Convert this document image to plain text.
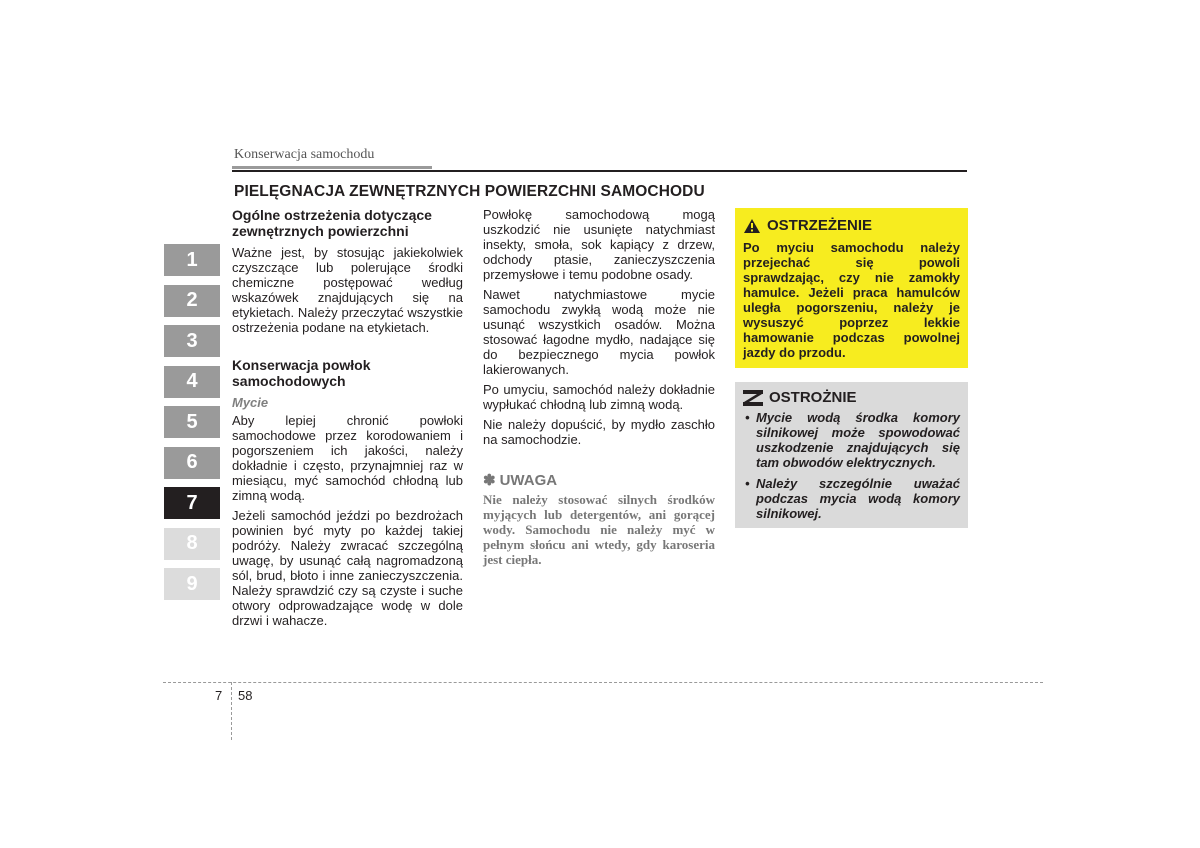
Konserwacja samochodu
PIELĘGNACJA ZEWNĘTRZNYCH POWIERZCHNI SAMOCHODU
1
2
3
4
5
6
7
8
9
Ogólne ostrzeżenia dotyczące zewnętrznych powierzchni

Ważne jest, by stosując jakiekolwiek czyszczące lub polerujące środki chemiczne postępować według wskazówek znajdujących się na etykietach. Należy przeczytać wszystkie ostrzeżenia podane na etykietach.

Konserwacja powłok samochodowych
Mycie

Aby lepiej chronić powłoki samochodowe przez korodowaniem i pogorszeniem ich jakości, należy dokładnie i często, przynajmniej raz w miesiącu, myć samochód chłodną lub zimną wodą.

Jeżeli samochód jeździ po bezdrożach powinien być myty po każdej takiej podróży. Należy zwracać szczególną uwagę, by usunąć całą nagromadzoną sól, brud, błoto i inne zanieczyszczenia. Należy sprawdzić czy są czyste i suche otwory odprowadzające wodę w dole drzwi i wahacze.

Powłokę samochodową mogą uszkodzić nie usunięte natychmiast insekty, smoła, sok kapiący z drzew, odchody ptasie, zanieczyszczenia przemysłowe i temu podobne osady.

Nawet natychmiastowe mycie samochodu zwykłą wodą może nie usunąć wszystkich osadów. Można stosować łagodne mydło, nadające się do bezpiecznego mycia powłok lakierowanych.

Po umyciu, samochód należy dokładnie wypłukać chłodną lub zimną wodą.

Nie należy dopuścić, by mydło zaschło na samochodzie.

✽ UWAGA
Nie należy stosować silnych środków myjących lub detergentów, ani gorącej wody. Samochodu nie należy myć w pełnym słońcu ani wtedy, gdy karoseria jest ciepła.
OSTRZEŻENIE
Po myciu samochodu należy przejechać się powoli sprawdzając, czy nie zamokły hamulce. Jeżeli praca hamulców uległa pogorszeniu, należy je wysuszyć poprzez lekkie hamowanie podczas powolnej jazdy do przodu.
OSTROŻNIE
• Mycie wodą środka komory silnikowej może spowodować uszkodzenie znajdujących się tam obwodów elektrycznych.
• Należy szczególnie uważać podczas mycia wodą komory silnikowej.
7 58
